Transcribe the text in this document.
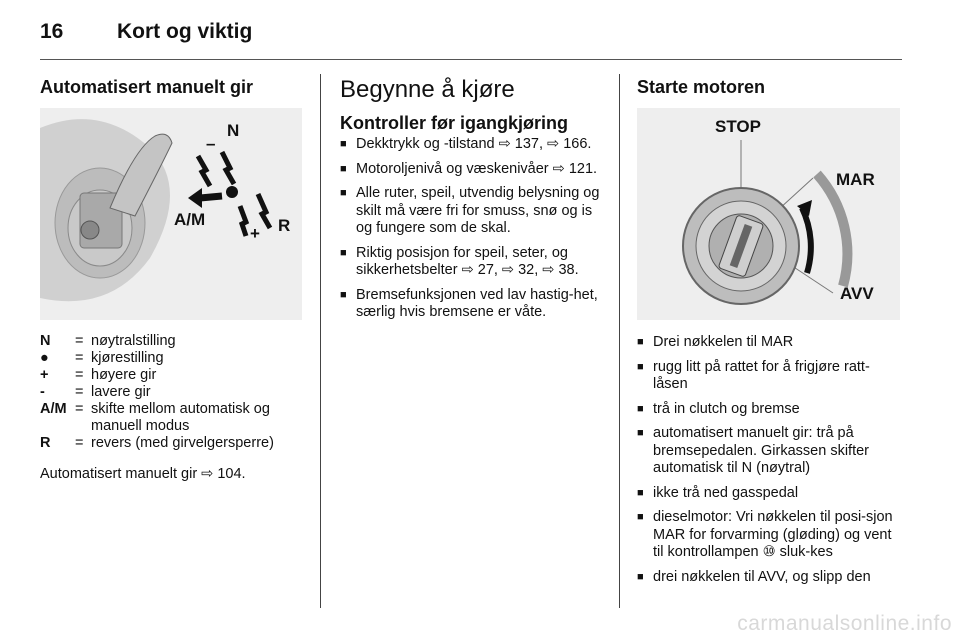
16	Kort og viktig
Automatisert manuelt gir
N
–
A/M
+ R
N	= nøytralstilling
●	= kjørestilling
+	= høyere gir
-	= lavere gir
A/M = skifte mellom automatisk og manuell modus
R	= revers (med girvelgersperre)
Automatisert manuelt gir ⇨ 104.
Begynne å kjøre
Kontroller før igangkjøring
■ Dekktrykk og -tilstand ⇨ 137, ⇨ 166.
■ Motoroljenivå og væskenivåer ⇨ 121.
■ Alle ruter, speil, utvendig belysning og skilt må være fri for smuss, snø og is og fungere som de skal.
■ Riktig posisjon for speil, seter, og sikkerhetsbelter ⇨ 27, ⇨ 32, ⇨ 38.
■ Bremsefunksjonen ved lav hastig-het, særlig hvis bremsene er våte.
Starte motoren
STOP
MAR
AVV
■ Drei nøkkelen til MAR
■ rugg litt på rattet for å frigjøre ratt-låsen
■ trå in clutch og bremse
■ automatisert manuelt gir: trå på bremsepedalen. Girkassen skifter automatisk til N (nøytral)
■ ikke trå ned gasspedal
■ dieselmotor: Vri nøkkelen til posi-sjon MAR for forvarming (gløding) og vent til kontrollampen ⑩ sluk-kes
■ drei nøkkelen til AVV, og slipp den
carmanualsonline.info
